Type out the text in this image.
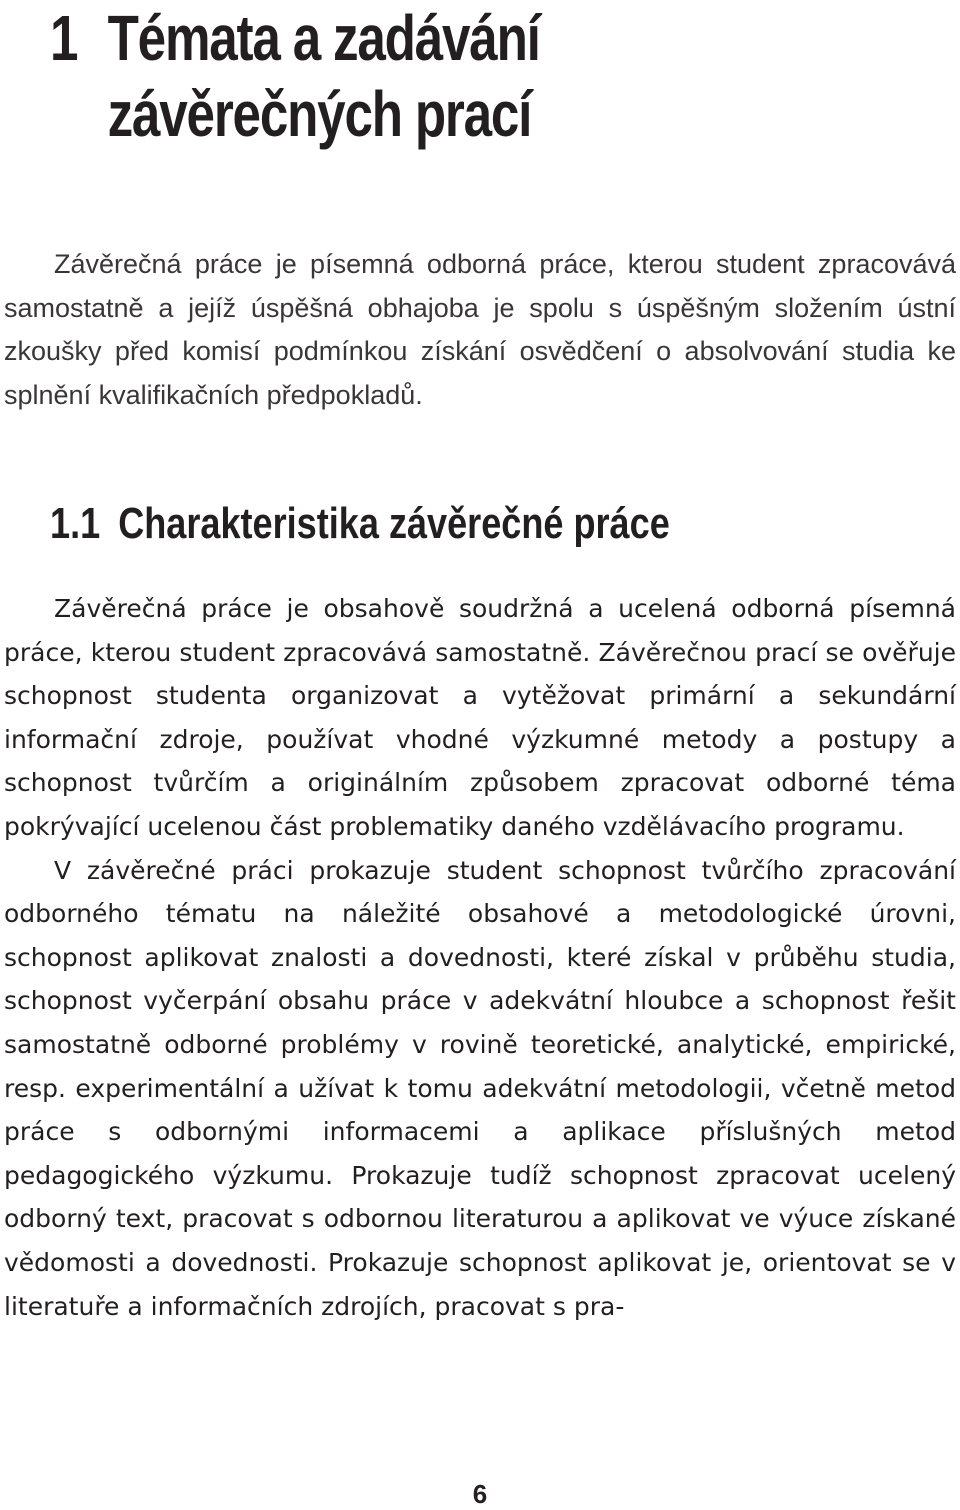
1 Témata a zadávání
závěrečných prací

Závěrečná práce je písemná odborná práce, kterou student zpracovává samostatně a jejíž úspěšná obhajoba je spolu s úspěšným složením ústní zkoušky před komisí podmínkou získání osvědčení o absolvování studia ke splnění kvalifikačních předpokladů.

1.1 Charakteristika závěrečné práce

Závěrečná práce je obsahově soudržná a ucelená odborná písemná práce, kterou student zpracovává samostatně. Závěrečnou prací se ověřuje schopnost studenta organizovat a vytěžovat primární a sekundární informační zdroje, používat vhodné výzkumné metody a postupy a schopnost tvůrčím a originálním způsobem zpracovat odborné téma pokrývající ucelenou část problematiky daného vzdělávacího programu.

V závěrečné práci prokazuje student schopnost tvůrčího zpracování odborného tématu na náležité obsahové a metodologické úrovni, schopnost aplikovat znalosti a dovednosti, které získal v průběhu studia, schopnost vyčerpání obsahu práce v adekvátní hloubce a schopnost řešit samostatně odborné problémy v rovině teoretické, analytické, empirické, resp. experimentální a užívat k tomu adekvátní metodologii, včetně metod práce s odbornými informacemi a aplikace příslušných metod pedagogického výzkumu. Prokazuje tudíž schopnost zpracovat ucelený odborný text, pracovat s odbornou literaturou a aplikovat ve výuce získané vědomosti a dovednosti. Prokazuje schopnost aplikovat je, orientovat se v literatuře a informačních zdrojích, pracovat s pra-

6
